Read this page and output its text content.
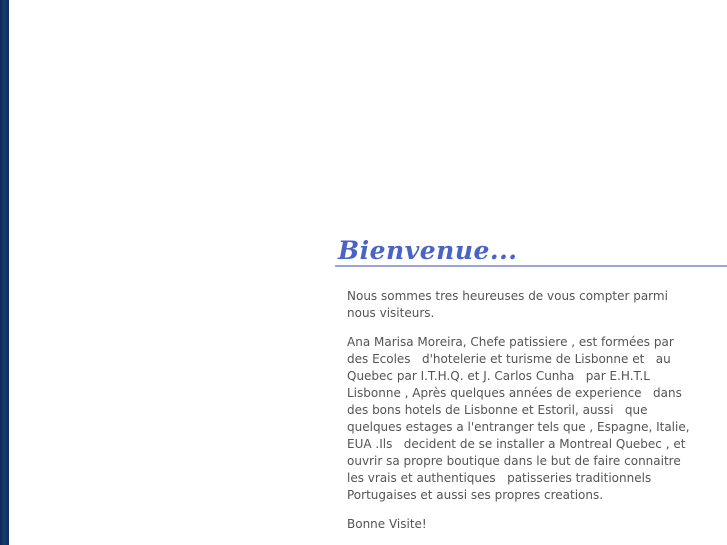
Bienvenue...

Nous sommes tres heureuses de vous compter parmi nous visiteurs.

Ana Marisa Moreira, Chefe patissiere , est formées par des Ecoles   d'hotelerie et turisme de Lisbonne et   au Quebec par I.T.H.Q. et J. Carlos Cunha   par E.H.T.L Lisbonne , Après quelques années de experience   dans des bons hotels de Lisbonne et Estoril, aussi   que quelques estages a l'entranger tels que , Espagne, Italie, EUA .Ils   decident de se installer a Montreal Quebec , et ouvrir sa propre boutique dans le but de faire connaitre les vrais et authentiques   patisseries traditionnels Portugaises et aussi ses propres creations.

Bonne Visite!
